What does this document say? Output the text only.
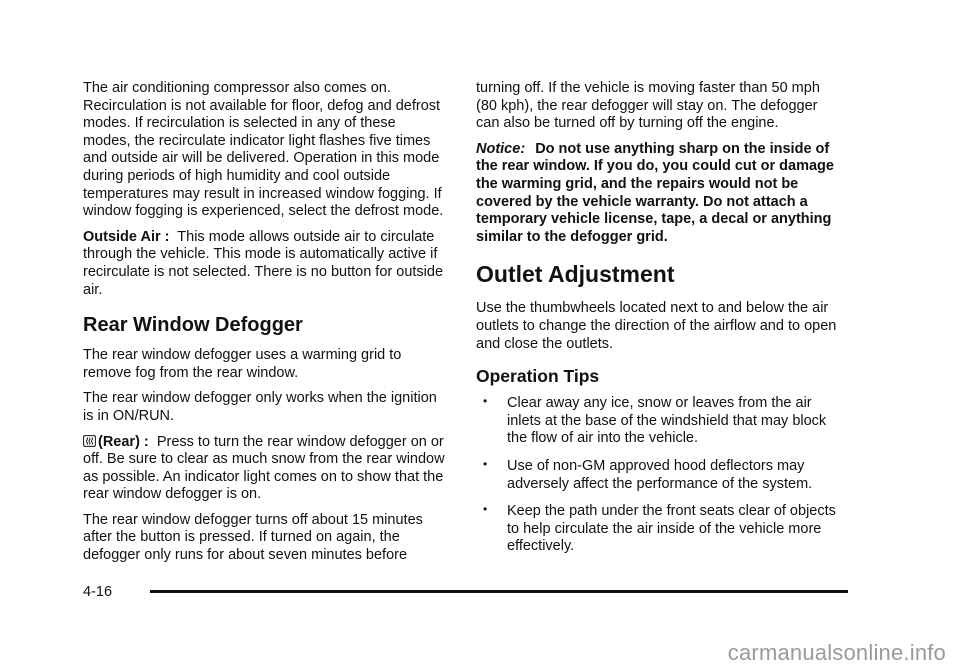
The air conditioning compressor also comes on. Recirculation is not available for floor, defog and defrost modes. If recirculation is selected in any of these modes, the recirculate indicator light flashes five times and outside air will be delivered. Operation in this mode during periods of high humidity and cool outside temperatures may result in increased window fogging. If window fogging is experienced, select the defrost mode.

Outside Air : This mode allows outside air to circulate through the vehicle. This mode is automatically active if recirculate is not selected. There is no button for outside air.

Rear Window Defogger

The rear window defogger uses a warming grid to remove fog from the rear window.

The rear window defogger only works when the ignition is in ON/RUN.

(Rear) : Press to turn the rear window defogger on or off. Be sure to clear as much snow from the rear window as possible. An indicator light comes on to show that the rear window defogger is on.

The rear window defogger turns off about 15 minutes after the button is pressed. If turned on again, the defogger only runs for about seven minutes before

turning off. If the vehicle is moving faster than 50 mph (80 kph), the rear defogger will stay on. The defogger can also be turned off by turning off the engine.

Notice: Do not use anything sharp on the inside of the rear window. If you do, you could cut or damage the warming grid, and the repairs would not be covered by the vehicle warranty. Do not attach a temporary vehicle license, tape, a decal or anything similar to the defogger grid.

Outlet Adjustment

Use the thumbwheels located next to and below the air outlets to change the direction of the airflow and to open and close the outlets.

Operation Tips
• Clear away any ice, snow or leaves from the air inlets at the base of the windshield that may block the flow of air into the vehicle.
• Use of non-GM approved hood deflectors may adversely affect the performance of the system.
• Keep the path under the front seats clear of objects to help circulate the air inside of the vehicle more effectively.
4-16
carmanualsonline.info
